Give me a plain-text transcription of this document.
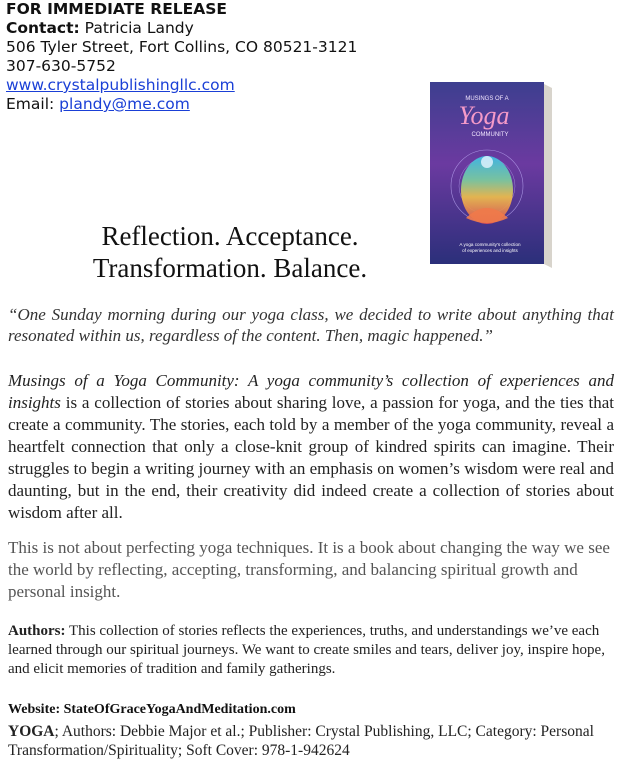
FOR IMMEDIATE RELEASE
Contact: Patricia Landy
506 Tyler Street, Fort Collins, CO 80521-3121
307-630-5752
www.crystalpublishingllc.com
Email: plandy@me.com	MUSINGS OF A
Yoga
COMMUNITY
A yoga community's collection
of experiences and insights
Reflection. Acceptance.
Transformation. Balance.
“One Sunday morning during our yoga class, we decided to write about anything that resonated within us, regardless of the content. Then, magic happened.”
Musings of a Yoga Community: A yoga community’s collection of experiences and insights is a collection of stories about sharing love, a passion for yoga, and the ties that create a community. The stories, each told by a member of the yoga community, reveal a heartfelt connection that only a close-knit group of kindred spirits can imagine. Their struggles to begin a writing journey with an emphasis on women’s wisdom were real and daunting, but in the end, their creativity did indeed create a collection of stories about wisdom after all.
This is not about perfecting yoga techniques. It is a book about changing the way we see the world by reflecting, accepting, transforming, and balancing spiritual growth and personal insight.
Authors: This collection of stories reflects the experiences, truths, and understandings we’ve each learned through our spiritual journeys. We want to create smiles and tears, deliver joy, inspire hope, and elicit memories of tradition and family gatherings.
Website: StateOfGraceYogaAndMeditation.com
YOGA; Authors: Debbie Major et al.; Publisher: Crystal Publishing, LLC; Category: Personal Transformation/Spirituality; Soft Cover: 978-1-942624
